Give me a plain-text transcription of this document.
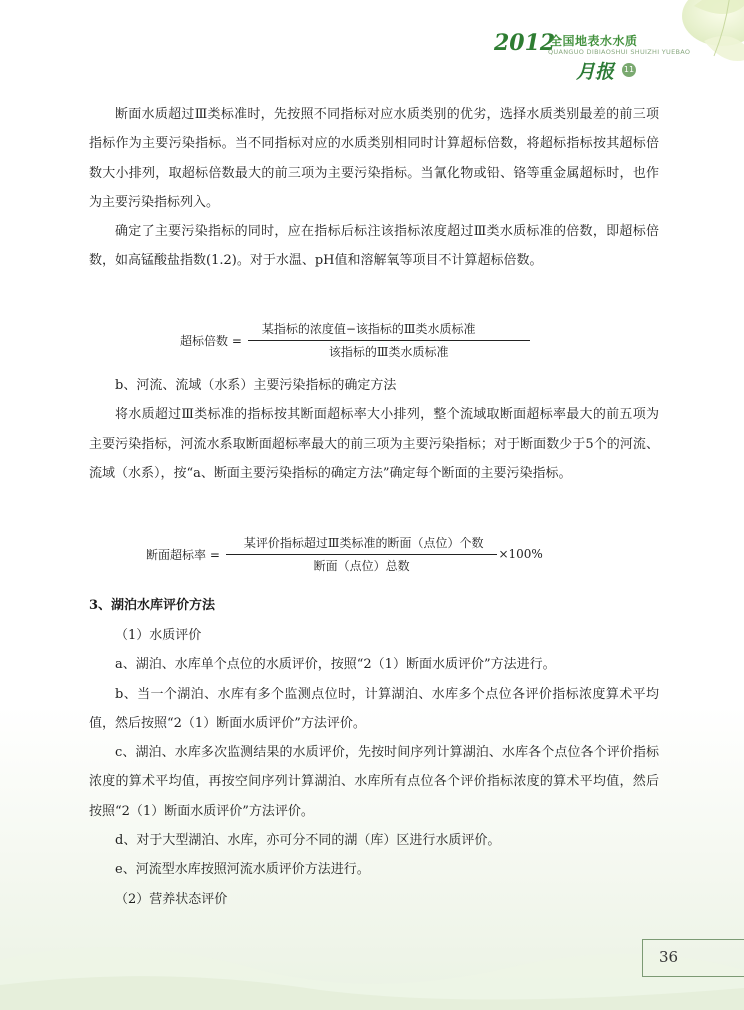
2012
全国地表水水质
QUANGUO DIBIAOSHUI SHUIZHI YUEBAO
月报 11

断面水质超过Ⅲ类标准时，先按照不同指标对应水质类别的优劣，选择水质类别最差的前三项指标作为主要污染指标。当不同指标对应的水质类别相同时计算超标倍数，将超标指标按其超标倍数大小排列，取超标倍数最大的前三项为主要污染指标。当氰化物或铅、铬等重金属超标时，也作为主要污染指标列入。

确定了主要污染指标的同时，应在指标后标注该指标浓度超过Ⅲ类水质标准的倍数，即超标倍数，如高锰酸盐指数(1.2)。对于水温、pH值和溶解氧等项目不计算超标倍数。

超标倍数 = $\frac{\text{某指标的浓度值−该指标的Ⅲ类水质标准}}{\text{该指标的Ⅲ类水质标准}}$

b、河流、流域（水系）主要污染指标的确定方法

将水质超过Ⅲ类标准的指标按其断面超标率大小排列，整个流域取断面超标率最大的前五项为主要污染指标，河流水系取断面超标率最大的前三项为主要污染指标；对于断面数少于5个的河流、流域（水系），按“a、断面主要污染指标的确定方法”确定每个断面的主要污染指标。

断面超标率 = $\frac{\text{某评价指标超过Ⅲ类标准的断面（点位）个数}}{\text{断面（点位）总数}} \times 100\%$
3、湖泊水库评价方法

（1）水质评价

a、湖泊、水库单个点位的水质评价，按照“2（1）断面水质评价”方法进行。

b、当一个湖泊、水库有多个监测点位时，计算湖泊、水库多个点位各评价指标浓度算术平均值，然后按照“2（1）断面水质评价”方法评价。

c、湖泊、水库多次监测结果的水质评价，先按时间序列计算湖泊、水库各个点位各个评价指标浓度的算术平均值，再按空间序列计算湖泊、水库所有点位各个评价指标浓度的算术平均值，然后按照“2（1）断面水质评价”方法评价。

d、对于大型湖泊、水库，亦可分不同的湖（库）区进行水质评价。

e、河流型水库按照河流水质评价方法进行。

（2）营养状态评价

36
